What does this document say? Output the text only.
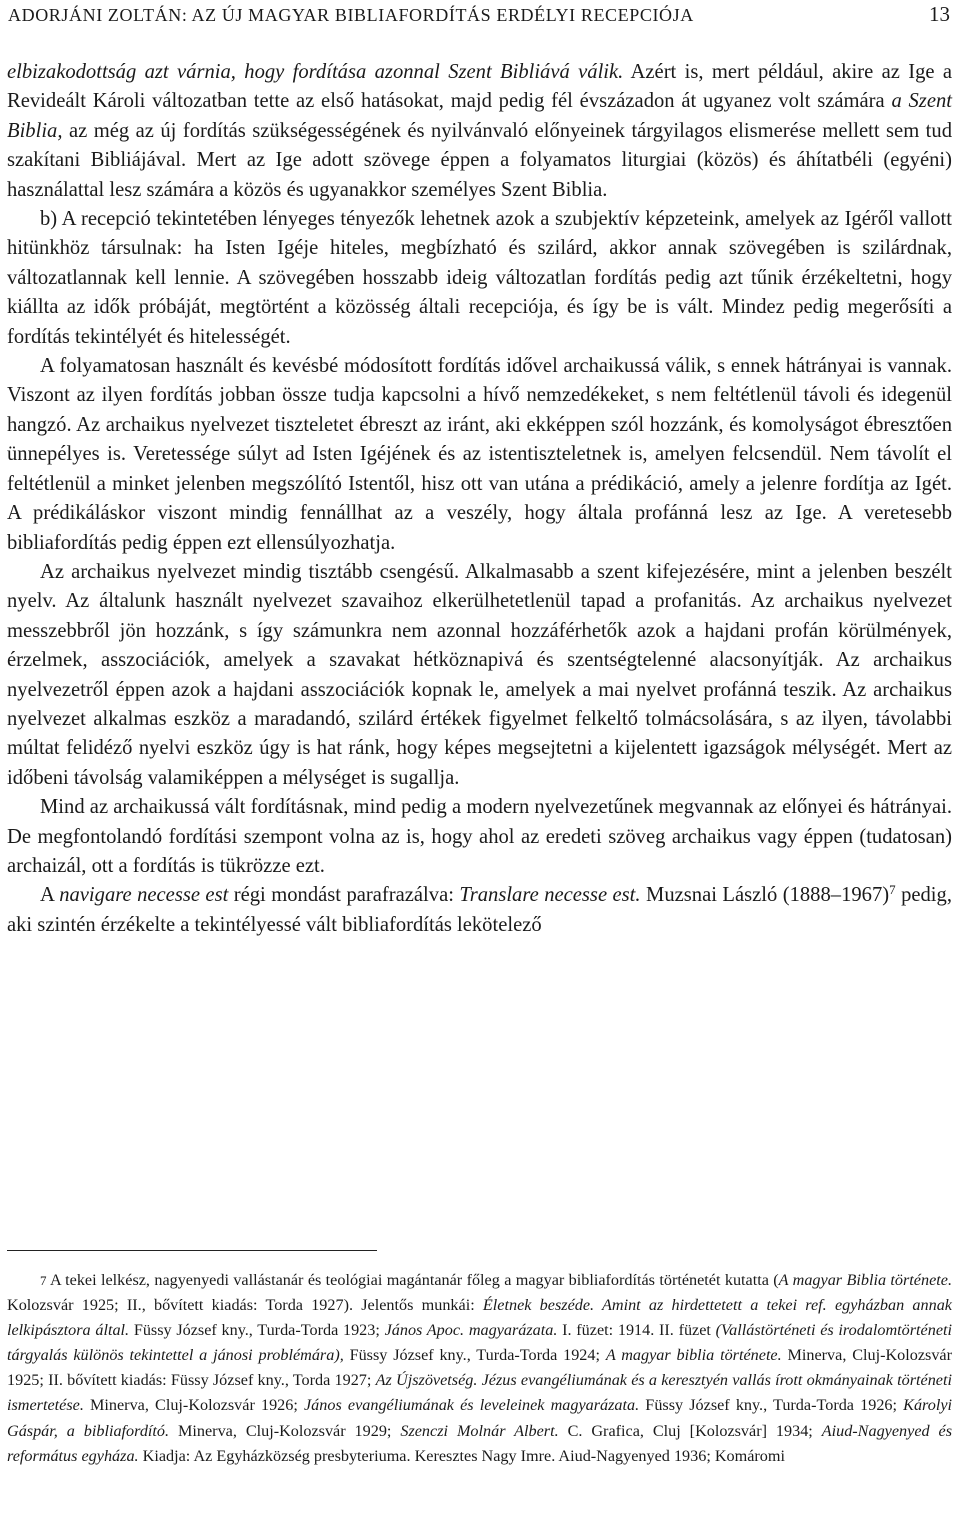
ADORJÁNI ZOLTÁN: AZ ÚJ MAGYAR BIBLIAFORDÍTÁS ERDÉLYI RECEPCIÓJA	13

elbizakodottság azt várnia, hogy fordítása azonnal Szent Bibliává válik. Azért is, mert például, akire az Ige a Revideált Károli változatban tette az első hatásokat, majd pedig fél évszázadon át ugyanez volt számára a Szent Biblia, az még az új fordítás szükségességének és nyilvánvaló előnyeinek tárgyilagos elismerése mellett sem tud szakítani Bibliájával. Mert az Ige adott szövege éppen a folyamatos liturgiai (közös) és áhítatbéli (egyéni) használattal lesz számára a közös és ugyanakkor személyes Szent Biblia.

b) A recepció tekintetében lényeges tényezők lehetnek azok a szubjektív képzeteink, amelyek az Igéről vallott hitünkhöz társulnak: ha Isten Igéje hiteles, megbízható és szilárd, akkor annak szövegében is szilárdnak, változatlannak kell lennie. A szövegében hosszabb ideig változatlan fordítás pedig azt tűnik érzékeltetni, hogy kiállta az idők próbáját, megtörtént a közösség általi recepciója, és így be is vált. Mindez pedig megerősíti a fordítás tekintélyét és hitelességét.

A folyamatosan használt és kevésbé módosított fordítás idővel archaikussá válik, s ennek hátrányai is vannak. Viszont az ilyen fordítás jobban össze tudja kapcsolni a hívő nemzedékeket, s nem feltétlenül távoli és idegenül hangzó. Az archaikus nyelvezet tiszteletet ébreszt az iránt, aki ekképpen szól hozzánk, és komolyságot ébresztően ünnepélyes is. Veretessége súlyt ad Isten Igéjének és az istentiszteletnek is, amelyen felcsendül. Nem távolít el feltétlenül a minket jelenben megszólító Istentől, hisz ott van utána a prédikáció, amely a jelenre fordítja az Igét. A prédikáláskor viszont mindig fennállhat az a veszély, hogy általa profánná lesz az Ige. A veretesebb bibliafordítás pedig éppen ezt ellensúlyozhatja.

Az archaikus nyelvezet mindig tisztább csengésű. Alkalmasabb a szent kifejezésére, mint a jelenben beszélt nyelv. Az általunk használt nyelvezet szavaihoz elkerülhetetlenül tapad a profanitás. Az archaikus nyelvezet messzebbről jön hozzánk, s így számunkra nem azonnal hozzáférhetők azok a hajdani profán körülmények, érzelmek, asszociációk, amelyek a szavakat hétköznapivá és szentségtelenné alacsonyítják. Az archaikus nyelvezetről éppen azok a hajdani asszociációk kopnak le, amelyek a mai nyelvet profánná teszik. Az archaikus nyelvezet alkalmas eszköz a maradandó, szilárd értékek figyelmet felkeltő tolmácsolására, s az ilyen, távolabbi múltat felidéző nyelvi eszköz úgy is hat ránk, hogy képes megsejtetni a kijelentett igazságok mélységét. Mert az időbeni távolság valamiképpen a mélységet is sugallja.

Mind az archaikussá vált fordításnak, mind pedig a modern nyelvezetűnek megvannak az előnyei és hátrányai. De megfontolandó fordítási szempont volna az is, hogy ahol az eredeti szöveg archaikus vagy éppen (tudatosan) archaizál, ott a fordítás is tükrözze ezt.

A navigare necesse est régi mondást parafrazálva: Translare necesse est. Muzsnai László (1888–1967)$^7$ pedig, aki szintén érzékelte a tekintélyessé vált bibliafordítás lekötelező

7 A tekei lelkész, nagyenyedi vallástanár és teológiai magántanár főleg a magyar bibliafordítás történetét kutatta (A magyar Biblia története. Kolozsvár 1925; II., bővített kiadás: Torda 1927). Jelentős munkái: Életnek beszéde. Amint az hirdettetett a tekei ref. egyházban annak lelkipásztora által. Füssy József kny., Turda-Torda 1923; János Apoc. magyarázata. I. füzet: 1914. II. füzet (Vallástörténeti és irodalomtörténeti tárgyalás különös tekintettel a jánosi problémára), Füssy József kny., Turda-Torda 1924; A magyar biblia története. Minerva, Cluj-Kolozsvár 1925; II. bővített kiadás: Füssy József kny., Torda 1927; Az Újszövetség. Jézus evangéliumának és a keresztyén vallás írott okmányainak történeti ismertetése. Minerva, Cluj-Kolozsvár 1926; János evangéliumának és leveleinek magyarázata. Füssy József kny., Turda-Torda 1926; Károlyi Gáspár, a bibliafordító. Minerva, Cluj-Kolozsvár 1929; Szenczi Molnár Albert. C. Grafica, Cluj [Kolozsvár] 1934; Aiud-Nagyenyed és református egyháza. Kiadja: Az Egyházközség presbyteriuma. Keresztes Nagy Imre. Aiud-Nagyenyed 1936; Komáromi
